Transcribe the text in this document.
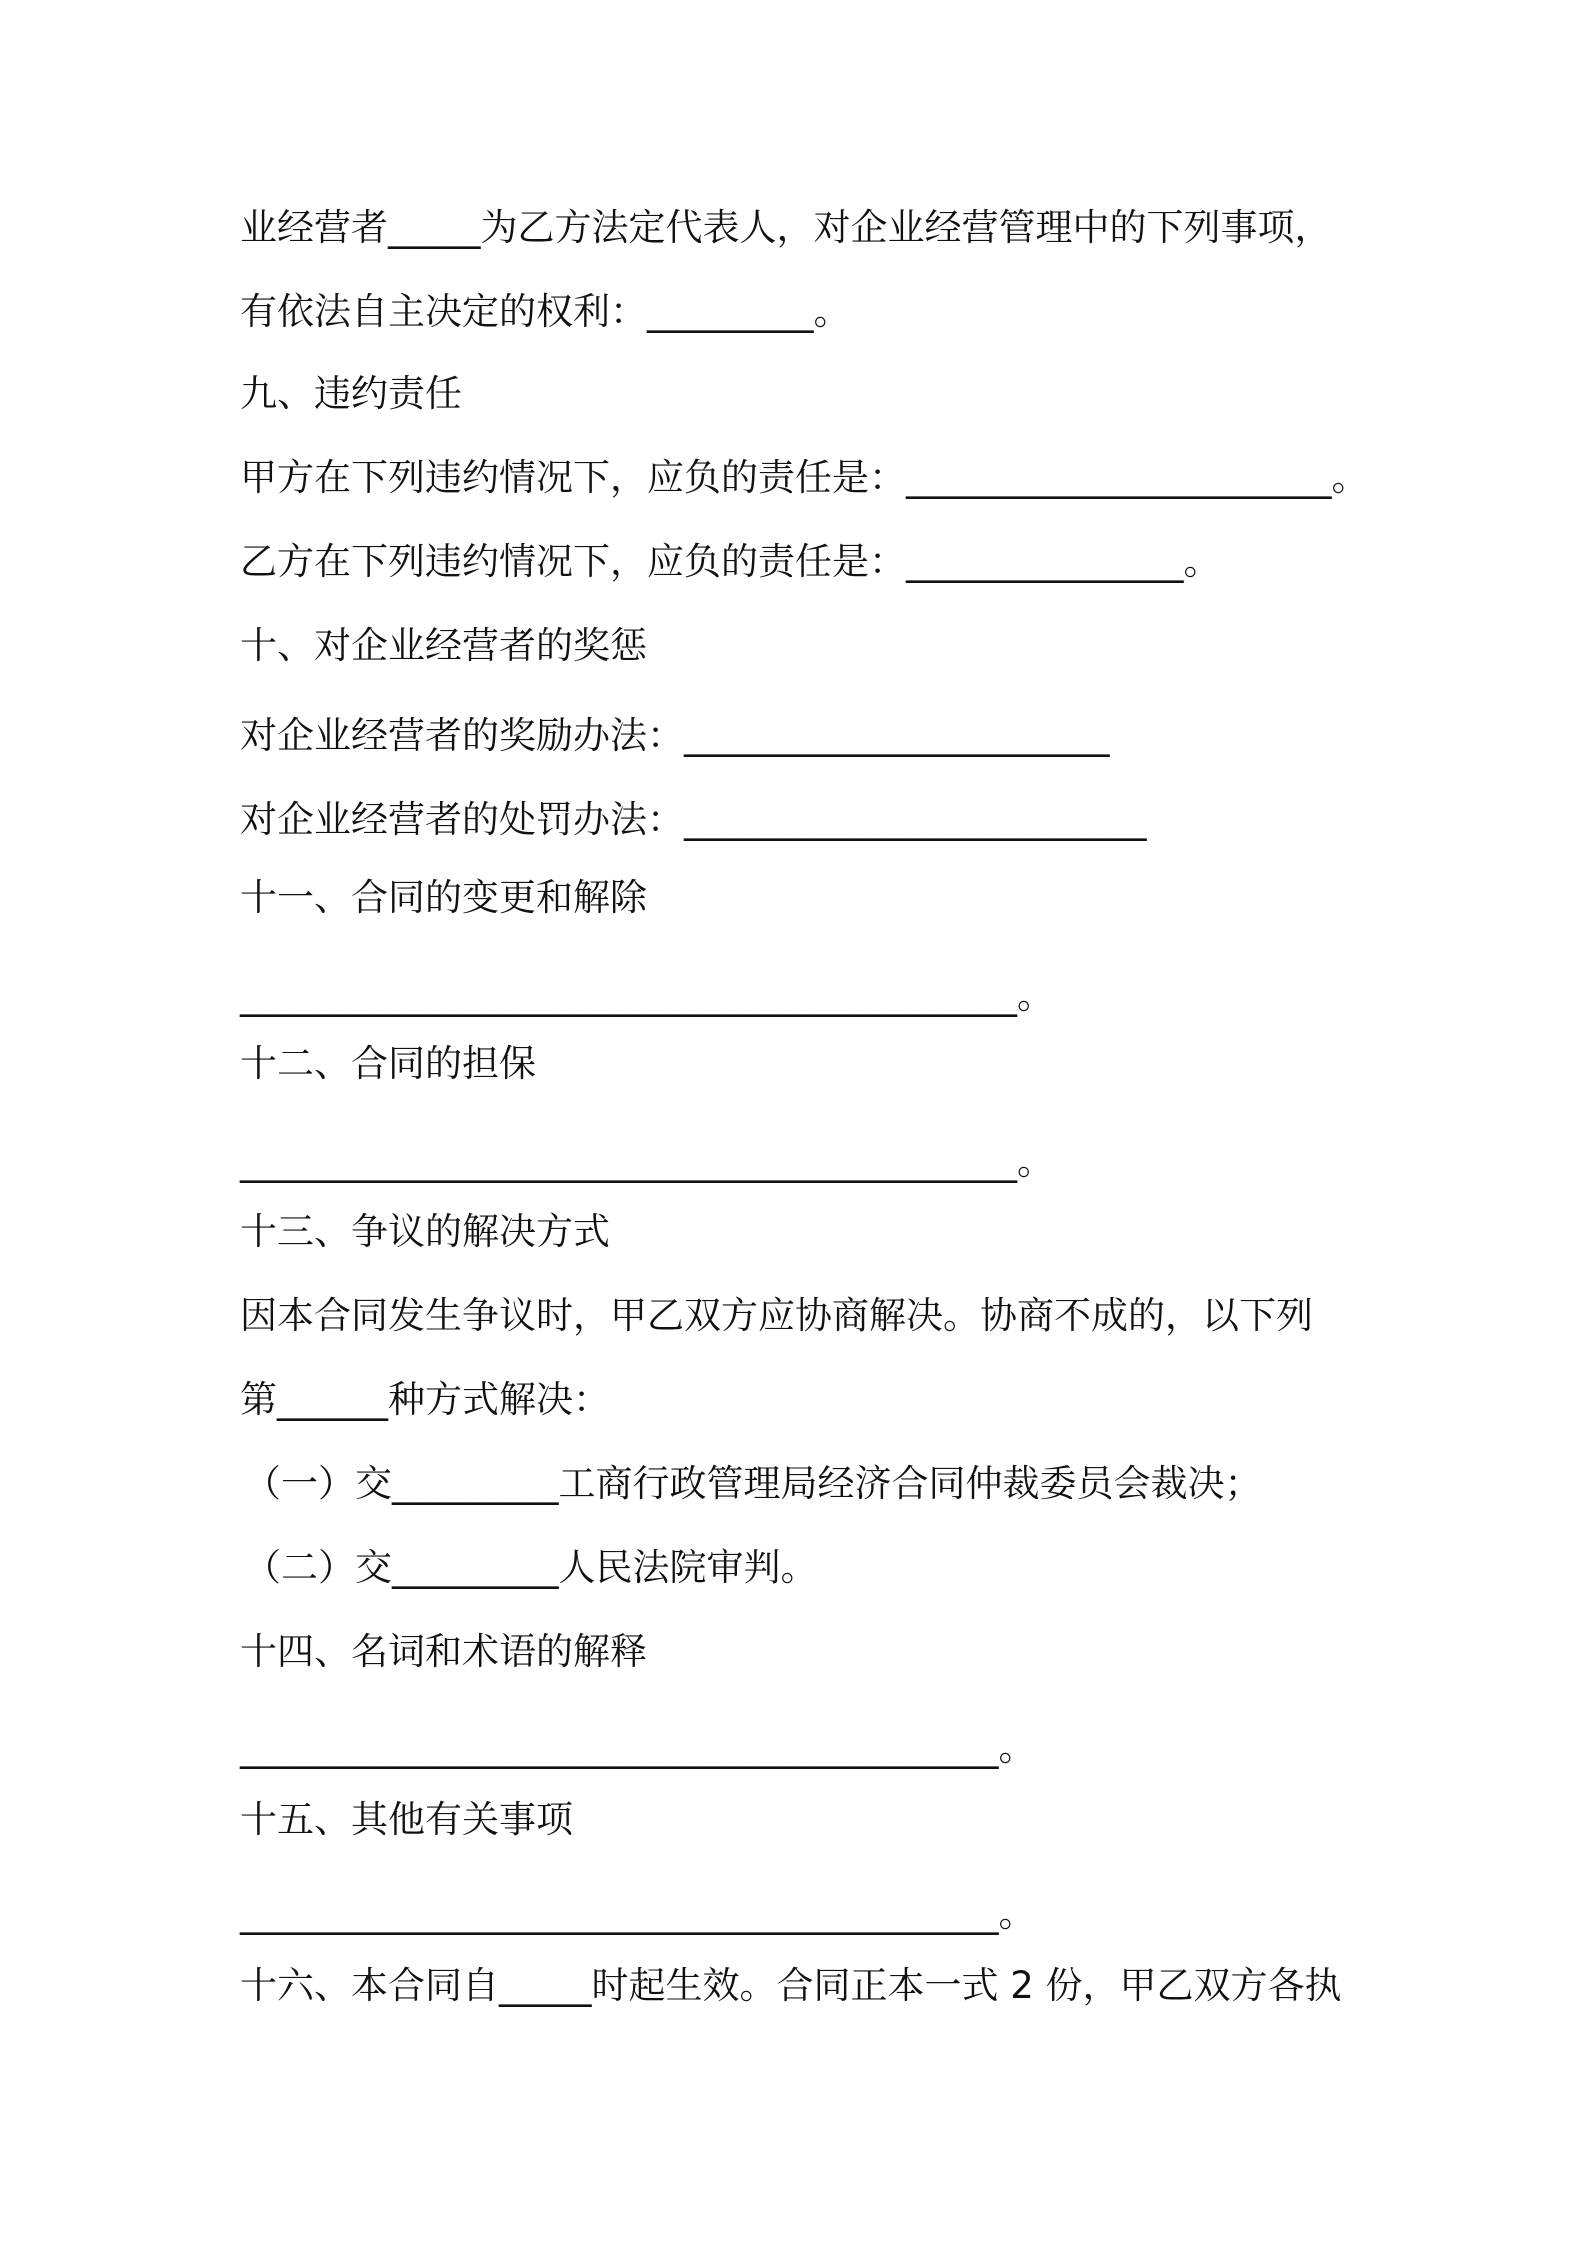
业经营者_____为乙方法定代表人，对企业经营管理中的下列事项，

有依法自主决定的权利：_________。

九、违约责任

甲方在下列违约情况下，应负的责任是：_______________________。

乙方在下列违约情况下，应负的责任是：_______________。

十、对企业经营者的奖惩

对企业经营者的奖励办法：_______________________

对企业经营者的处罚办法：_________________________

十一、合同的变更和解除

__________________________________________。

十二、合同的担保

__________________________________________。

十三、争议的解决方式

因本合同发生争议时，甲乙双方应协商解决。协商不成的，以下列

第______种方式解决：

（一）交_________工商行政管理局经济合同仲裁委员会裁决；

（二）交_________人民法院审判。

十四、名词和术语的解释

_________________________________________。

十五、其他有关事项

_________________________________________。

十六、本合同自_____时起生效。合同正本一式 2 份，甲乙双方各执
